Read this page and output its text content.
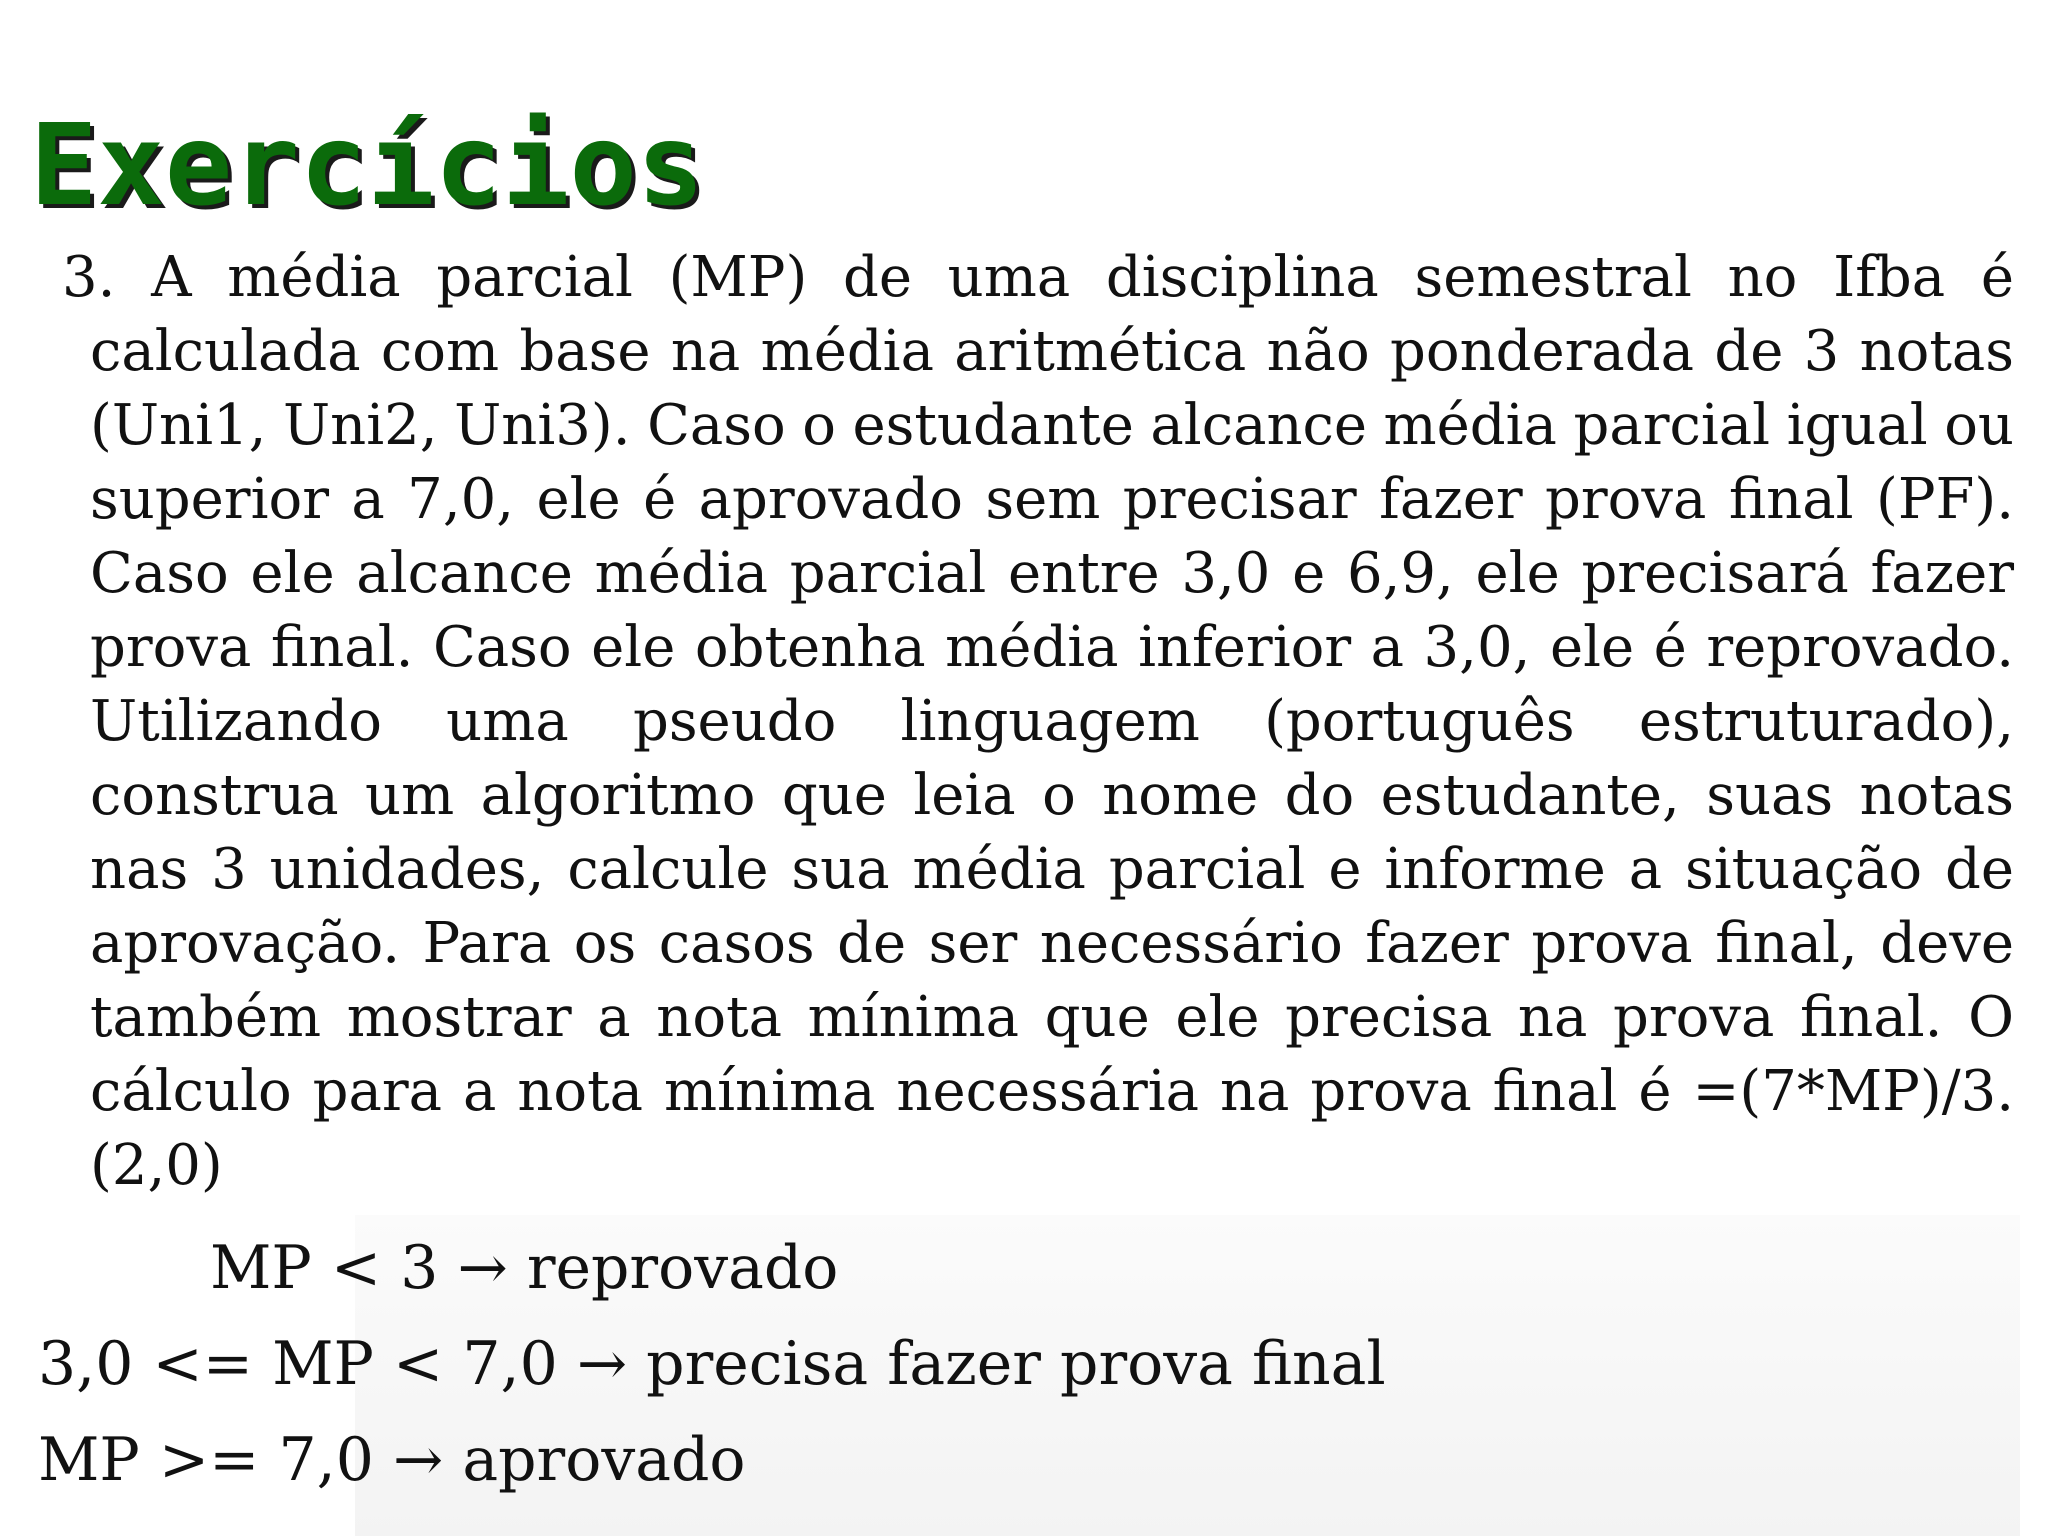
Exercícios

3. A média parcial (MP) de uma disciplina semestral no Ifba é calculada com base na média aritmética não ponderada de 3 notas (Uni1, Uni2, Uni3). Caso o estudante alcance média parcial igual ou superior a 7,0, ele é aprovado sem precisar fazer prova final (PF). Caso ele alcance média parcial entre 3,0 e 6,9, ele precisará fazer prova final. Caso ele obtenha média inferior a 3,0, ele é reprovado. Utilizando uma pseudo linguagem (português estruturado), construa um algoritmo que leia o nome do estudante, suas notas nas 3 unidades, calcule sua média parcial e informe a situação de aprovação. Para os casos de ser necessário fazer prova final, deve também mostrar a nota mínima que ele precisa na prova final. O cálculo para a nota mínima necessária na prova final é =(7*MP)/3. (2,0)

MP < 3 → reprovado
3,0 <= MP < 7,0 → precisa fazer prova final
MP >= 7,0 → aprovado
